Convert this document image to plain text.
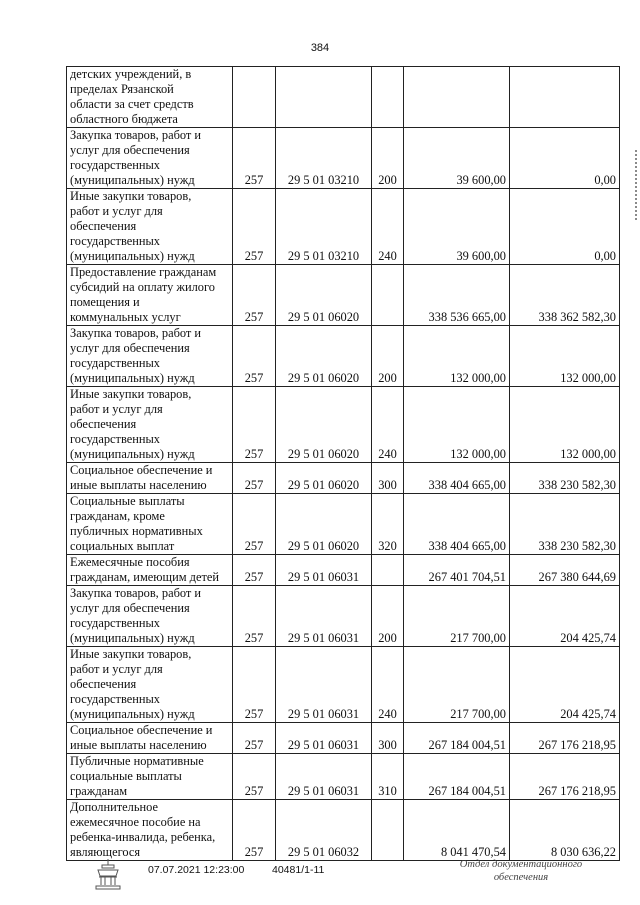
384
детских учреждений, в
пределах Рязанской
области за счет средств
областного бюджета					

Закупка товаров, работ и
услуг для обеспечения
государственных
(муниципальных) нужд	257	29 5 01 03210	200	39 600,00	0,00

Иные закупки товаров,
работ и услуг для
обеспечения
государственных
(муниципальных) нужд	257	29 5 01 03210	240	39 600,00	0,00

Предоставление гражданам
субсидий на оплату жилого
помещения и
коммунальных услуг	257	29 5 01 06020		338 536 665,00	338 362 582,30

Закупка товаров, работ и
услуг для обеспечения
государственных
(муниципальных) нужд	257	29 5 01 06020	200	132 000,00	132 000,00

Иные закупки товаров,
работ и услуг для
обеспечения
государственных
(муниципальных) нужд	257	29 5 01 06020	240	132 000,00	132 000,00

Социальное обеспечение и
иные выплаты населению	257	29 5 01 06020	300	338 404 665,00	338 230 582,30

Социальные выплаты
гражданам, кроме
публичных нормативных
социальных выплат	257	29 5 01 06020	320	338 404 665,00	338 230 582,30

Ежемесячные пособия
гражданам, имеющим детей	257	29 5 01 06031		267 401 704,51	267 380 644,69

Закупка товаров, работ и
услуг для обеспечения
государственных
(муниципальных) нужд	257	29 5 01 06031	200	217 700,00	204 425,74

Иные закупки товаров,
работ и услуг для
обеспечения
государственных
(муниципальных) нужд	257	29 5 01 06031	240	217 700,00	204 425,74

Социальное обеспечение и
иные выплаты населению	257	29 5 01 06031	300	267 184 004,51	267 176 218,95

Публичные нормативные
социальные выплаты
гражданам	257	29 5 01 06031	310	267 184 004,51	267 176 218,95

Дополнительное
ежемесячное пособие на
ребенка-инвалида, ребенка,
являющегося	257	29 5 01 06032		8 041 470,54	8 030 636,22
07.07.2021 12:23:00	40481/1-11	Отдел документационного
обеспечения
